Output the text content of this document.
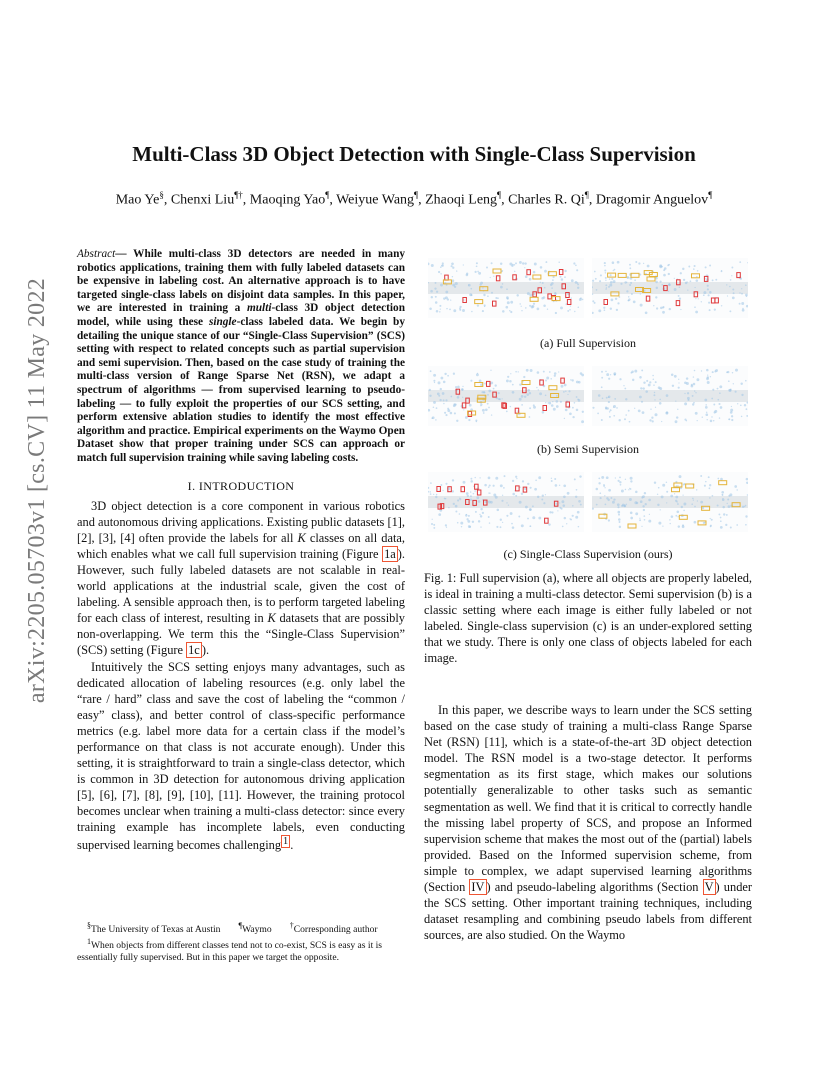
arXiv:2205.05703v1 [cs.CV] 11 May 2022
Multi-Class 3D Object Detection with Single-Class Supervision
Mao Ye§, Chenxi Liu¶†, Maoqing Yao¶, Weiyue Wang¶, Zhaoqi Leng¶, Charles R. Qi¶, Dragomir Anguelov¶
Abstract— While multi-class 3D detectors are needed in many robotics applications, training them with fully labeled datasets can be expensive in labeling cost. An alternative approach is to have targeted single-class labels on disjoint data samples. In this paper, we are interested in training a multi-class 3D object detection model, while using these single-class labeled data. We begin by detailing the unique stance of our “Single-Class Supervision” (SCS) setting with respect to related concepts such as partial supervision and semi supervision. Then, based on the case study of training the multi-class version of Range Sparse Net (RSN), we adapt a spectrum of algorithms — from supervised learning to pseudo-labeling — to fully exploit the properties of our SCS setting, and perform extensive ablation studies to identify the most effective algorithm and practice. Empirical experiments on the Waymo Open Dataset show that proper training under SCS can approach or match full supervision training while saving labeling costs.
I. INTRODUCTION

3D object detection is a core component in various robotics and autonomous driving applications. Existing public datasets [1], [2], [3], [4] often provide the labels for all K classes on all data, which enables what we call full supervision training (Figure 1a ). However, such fully labeled datasets are not scalable in real-world applications at the industrial scale, given the cost of labeling. A sensible approach then, is to perform targeted labeling for each class of interest, resulting in K datasets that are possibly non-overlapping. We term this the “Single-Class Supervision” (SCS) setting (Figure 1c ).

Intuitively the SCS setting enjoys many advantages, such as dedicated allocation of labeling resources (e.g. only label the “rare / hard” class and save the cost of labeling the “common / easy” class), and better control of class-specific performance metrics (e.g. label more data for a certain class if the model’s performance on that class is not accurate enough). Under this setting, it is straightforward to train a single-class detector, which is common in 3D detection for autonomous driving application [5], [6], [7], [8], [9], [10], [11]. However, the training protocol becomes unclear when training a multi-class detector: since every training example has incomplete labels, even conducting supervised learning becomes challenging $^1$ .

§The University of Texas at Austin ¶Waymo †Corresponding author
$^1$When objects from different classes tend not to co-exist, SCS is easy as it is essentially fully supervised. But in this paper we target the opposite.
(a) Full Supervision
(b) Semi Supervision
(c) Single-Class Supervision (ours)
Fig. 1: Full supervision (a), where all objects are properly labeled, is ideal in training a multi-class detector. Semi supervision (b) is a classic setting where each image is either fully labeled or not labeled. Single-class supervision (c) is an under-explored setting that we study. There is only one class of objects labeled for each image.

In this paper, we describe ways to learn under the SCS setting based on the case study of training a multi-class Range Sparse Net (RSN) [11], which is a state-of-the-art 3D object detection model. The RSN model is a two-stage detector. It performs segmentation as its first stage, which makes our solutions potentially generalizable to other tasks such as semantic segmentation as well. We find that it is critical to correctly handle the missing label property of SCS, and propose an Informed supervision scheme that makes the most out of the (partial) labels provided. Based on the Informed supervision scheme, from simple to complex, we adapt supervised learning algorithms (Section IV ) and pseudo-labeling algorithms (Section V ) under the SCS setting. Other important training techniques, including dataset resampling and combining pseudo labels from different sources, are also studied. On the Waymo
